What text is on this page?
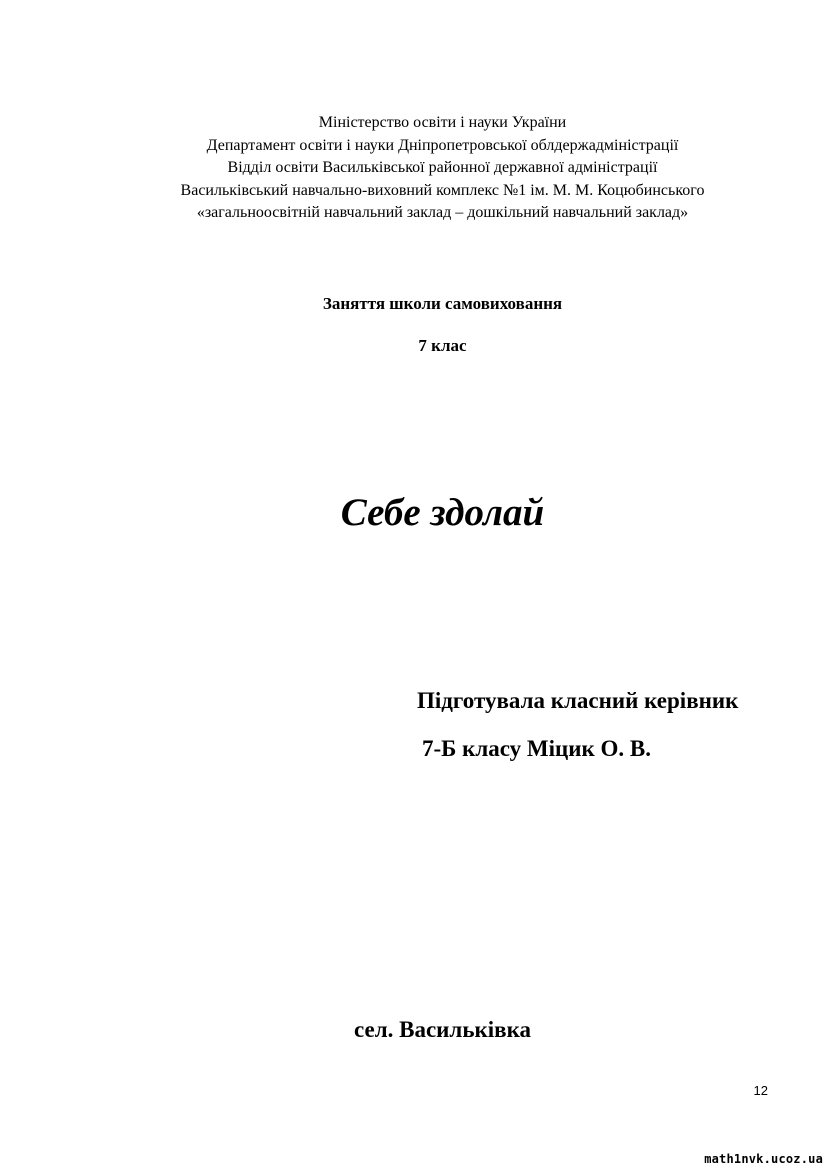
Міністерство освіти і науки України
Департамент освіти і науки Дніпропетровської облдержадміністрації
Відділ освіти Васильківської районної державної адміністрації
Васильківський навчально-виховний комплекс №1 ім. М. М. Коцюбинського
«загальноосвітній навчальний заклад – дошкільний навчальний заклад»
Заняття школи самовиховання
7 клас
Себе здолай
Підготувала класний керівник
7-Б класу Міцик О. В.
сел. Васильківка
12
math1nvk.ucoz.ua
